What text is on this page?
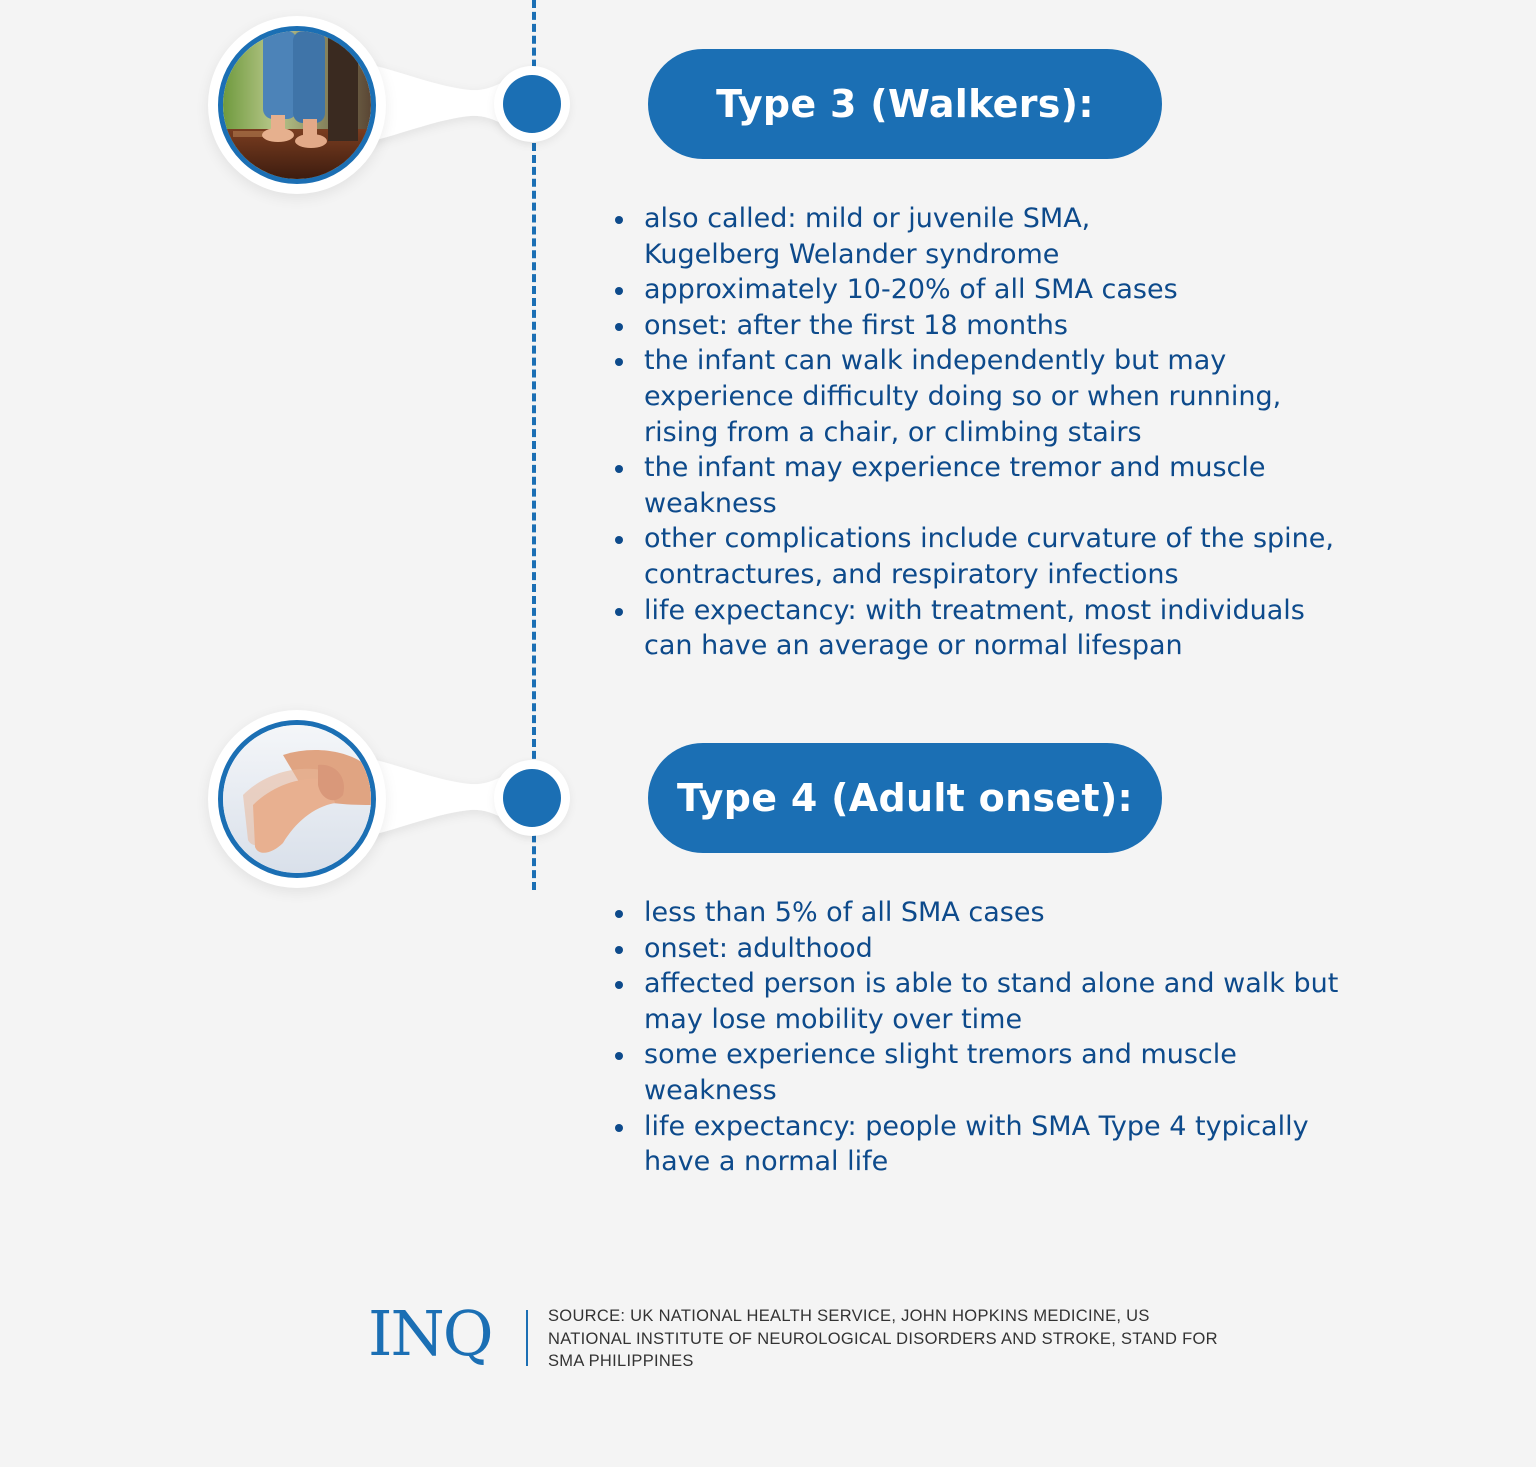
Type 3 (Walkers):
also called: mild or juvenile SMA, Kugelberg Welander syndrome
approximately 10-20% of all SMA cases
onset: after the first 18 months
the infant can walk independently but may experience difficulty doing so or when running, rising from a chair, or climbing stairs
the infant may experience tremor and muscle weakness
other complications include curvature of the spine, contractures, and respiratory infections
life expectancy: with treatment, most individuals can have an average or normal lifespan
Type 4 (Adult onset):
less than 5% of all SMA cases
onset: adulthood
affected person is able to stand alone and walk but may lose mobility over time
some experience slight tremors and muscle weakness
life expectancy: people with SMA Type 4 typically have a normal life
INQ	SOURCE: UK NATIONAL HEALTH SERVICE, JOHN HOPKINS MEDICINE, US NATIONAL INSTITUTE OF NEUROLOGICAL DISORDERS AND STROKE, STAND FOR SMA PHILIPPINES
